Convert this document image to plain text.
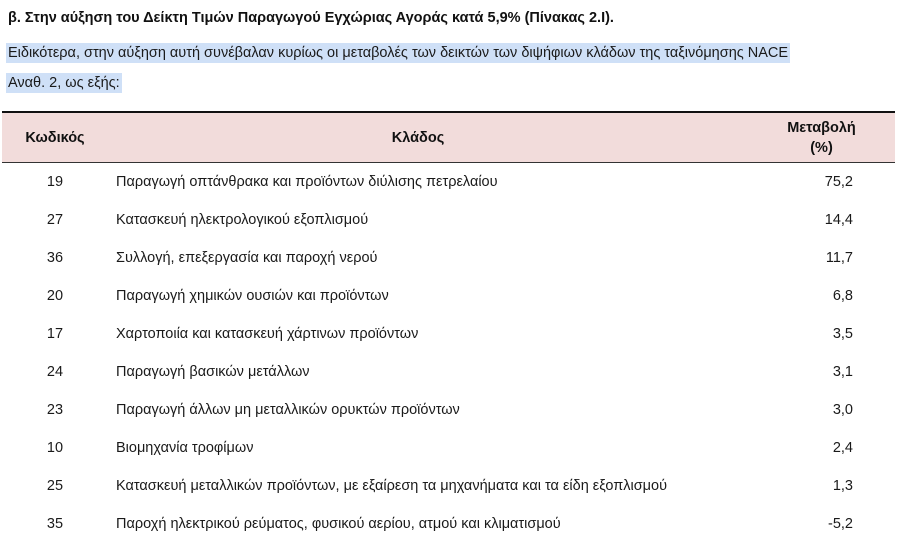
β. Στην αύξηση του Δείκτη Τιμών Παραγωγού Εγχώριας Αγοράς κατά 5,9% (Πίνακας 2.Ι).
Ειδικότερα, στην αύξηση αυτή συνέβαλαν κυρίως οι μεταβολές των δεικτών των διψήφιων κλάδων της ταξινόμησης NACE
Αναθ. 2, ως εξής:
Κωδικός	Κλάδος	Μεταβολή
(%)
19	Παραγωγή οπτάνθρακα και προϊόντων διύλισης πετρελαίου	75,2
27	Κατασκευή ηλεκτρολογικού εξοπλισμού	14,4
36	Συλλογή, επεξεργασία και παροχή νερού	11,7
20	Παραγωγή χημικών ουσιών και προϊόντων	6,8
17	Χαρτοποιία και κατασκευή χάρτινων προϊόντων	3,5
24	Παραγωγή βασικών μετάλλων	3,1
23	Παραγωγή άλλων μη μεταλλικών ορυκτών προϊόντων	3,0
10	Βιομηχανία τροφίμων	2,4
25	Κατασκευή μεταλλικών προϊόντων, με εξαίρεση τα μηχανήματα και τα είδη εξοπλισμού	1,3
35	Παροχή ηλεκτρικού ρεύματος, φυσικού αερίου, ατμού και κλιματισμού	-5,2
